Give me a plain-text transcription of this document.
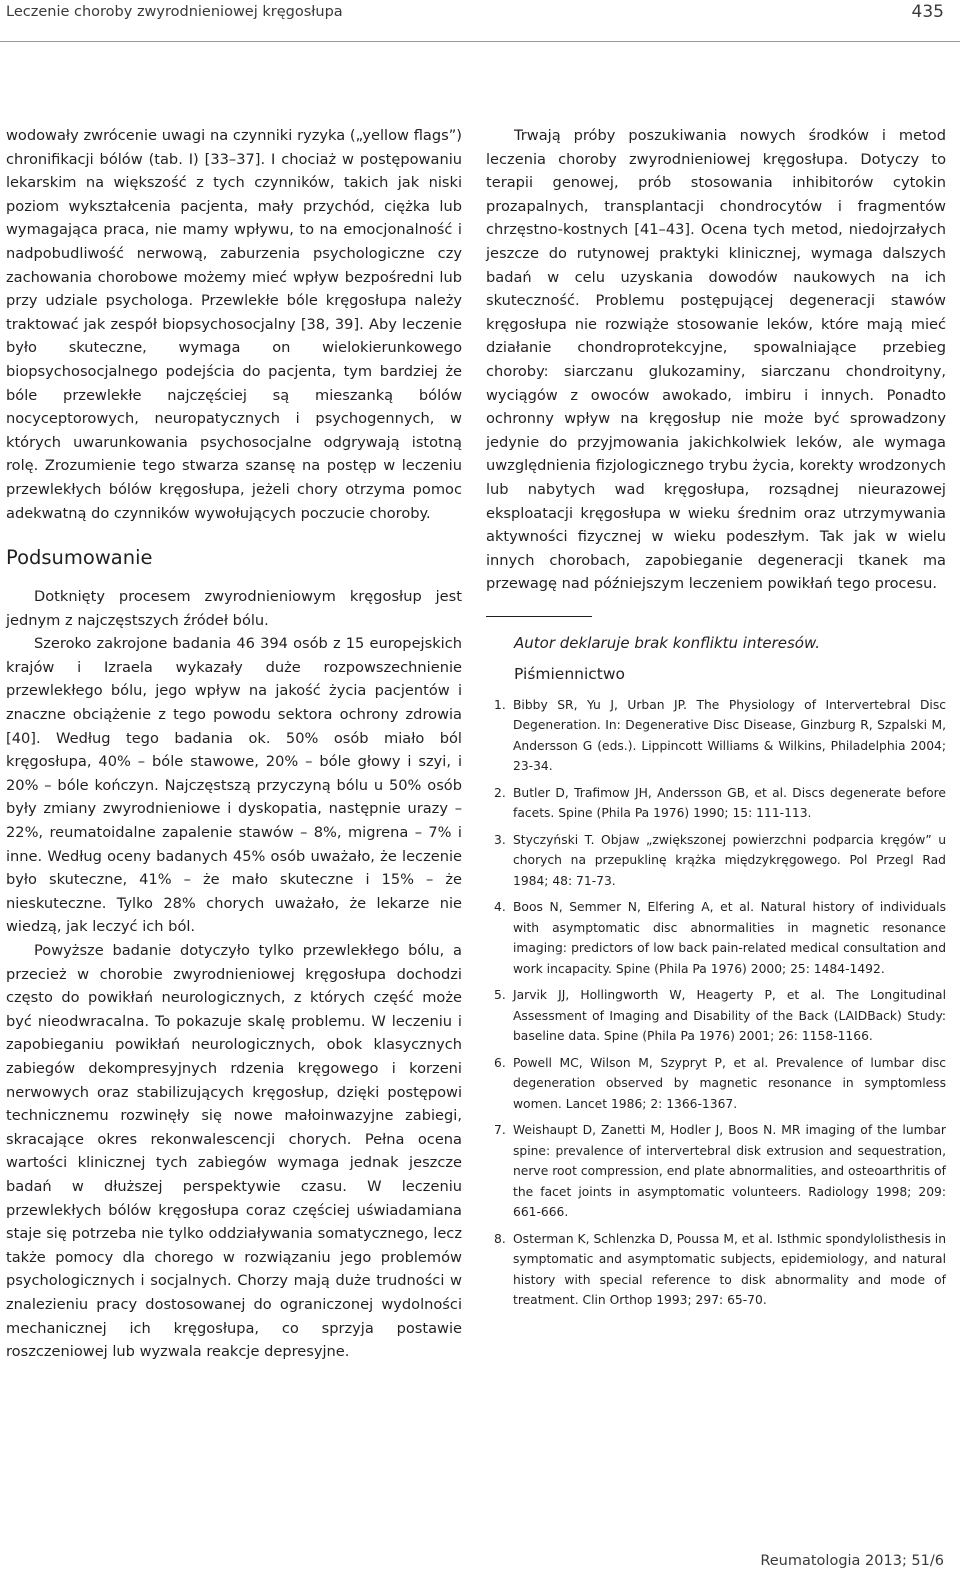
Leczenie choroby zwyrodnieniowej kręgosłupa	435

wodowały zwrócenie uwagi na czynniki ryzyka („yellow flags”) chronifikacji bólów (tab. I) [33–37]. I chociaż w postępowaniu lekarskim na większość z tych czynników, takich jak niski poziom wykształcenia pacjenta, mały przychód, ciężka lub wymagająca praca, nie mamy wpływu, to na emocjonalność i nadpobudliwość nerwową, zaburzenia psychologiczne czy zachowania chorobowe możemy mieć wpływ bezpośredni lub przy udziale psychologa. Przewlekłe bóle kręgosłupa należy traktować jak zespół biopsychosocjalny [38, 39]. Aby leczenie było skuteczne, wymaga on wielokierunkowego biopsychosocjalnego podejścia do pacjenta, tym bardziej że bóle przewlekłe najczęściej są mieszanką bólów nocyceptorowych, neuropatycznych i psychogennych, w których uwarunkowania psychosocjalne odgrywają istotną rolę. Zrozumienie tego stwarza szansę na postęp w leczeniu przewlekłych bólów kręgosłupa, jeżeli chory otrzyma pomoc adekwatną do czynników wywołujących poczucie choroby.

Podsumowanie

Dotknięty procesem zwyrodnieniowym kręgosłup jest jednym z najczęstszych źródeł bólu.

Szeroko zakrojone badania 46 394 osób z 15 europejskich krajów i Izraela wykazały duże rozpowszechnienie przewlekłego bólu, jego wpływ na jakość życia pacjentów i znaczne obciążenie z tego powodu sektora ochrony zdrowia [40]. Według tego badania ok. 50% osób miało ból kręgosłupa, 40% – bóle stawowe, 20% – bóle głowy i szyi, i 20% – bóle kończyn. Najczęstszą przyczyną bólu u 50% osób były zmiany zwyrodnieniowe i dyskopatia, następnie urazy – 22%, reumatoidalne zapalenie stawów – 8%, migrena – 7% i inne. Według oceny badanych 45% osób uważało, że leczenie było skuteczne, 41% – że mało skuteczne i 15% – że nieskuteczne. Tylko 28% chorych uważało, że lekarze nie wiedzą, jak leczyć ich ból.

Powyższe badanie dotyczyło tylko przewlekłego bólu, a przecież w chorobie zwyrodnieniowej kręgosłupa dochodzi często do powikłań neurologicznych, z których część może być nieodwracalna. To pokazuje skalę problemu. W leczeniu i zapobieganiu powikłań neurologicznych, obok klasycznych zabiegów dekompresyjnych rdzenia kręgowego i korzeni nerwowych oraz stabilizujących kręgosłup, dzięki postępowi technicznemu rozwinęły się nowe małoinwazyjne zabiegi, skracające okres rekonwalescencji chorych. Pełna ocena wartości klinicznej tych zabiegów wymaga jednak jeszcze badań w dłuższej perspektywie czasu. W leczeniu przewlekłych bólów kręgosłupa coraz częściej uświadamiana staje się potrzeba nie tylko oddziaływania somatycznego, lecz także pomocy dla chorego w rozwiązaniu jego problemów psychologicznych i socjalnych. Chorzy mają duże trudności w znalezieniu pracy dostosowanej do ograniczonej wydolności mechanicznej ich kręgosłupa, co sprzyja postawie roszczeniowej lub wyzwala reakcje depresyjne.

Trwają próby poszukiwania nowych środków i metod leczenia choroby zwyrodnieniowej kręgosłupa. Dotyczy to terapii genowej, prób stosowania inhibitorów cytokin prozapalnych, transplantacji chondrocytów i fragmentów chrzęstno-kostnych [41–43]. Ocena tych metod, niedojrzałych jeszcze do rutynowej praktyki klinicznej, wymaga dalszych badań w celu uzyskania dowodów naukowych na ich skuteczność. Problemu postępującej degeneracji stawów kręgosłupa nie rozwiąże stosowanie leków, które mają mieć działanie chondroprotekcyjne, spowalniające przebieg choroby: siarczanu glukozaminy, siarczanu chondroityny, wyciągów z owoców awokado, imbiru i innych. Ponadto ochronny wpływ na kręgosłup nie może być sprowadzony jedynie do przyjmowania jakichkolwiek leków, ale wymaga uwzględnienia fizjologicznego trybu życia, korekty wrodzonych lub nabytych wad kręgosłupa, rozsądnej nieurazowej eksploatacji kręgosłupa w wieku średnim oraz utrzymywania aktywności fizycznej w wieku podeszłym. Tak jak w wielu innych chorobach, zapobieganie degeneracji tkanek ma przewagę nad późniejszym leczeniem powikłań tego procesu.

Autor deklaruje brak konfliktu interesów.
Piśmiennictwo
1. Bibby SR, Yu J, Urban JP. The Physiology of Intervertebral Disc Degeneration. In: Degenerative Disc Disease, Ginzburg R, Szpalski M, Andersson G (eds.). Lippincott Williams & Wilkins, Philadelphia 2004; 23-34.
2. Butler D, Trafimow JH, Andersson GB, et al. Discs degenerate before facets. Spine (Phila Pa 1976) 1990; 15: 111-113.
3. Styczyński T. Objaw „zwiększonej powierzchni podparcia kręgów” u chorych na przepuklinę krążka międzykręgowego. Pol Przegl Rad 1984; 48: 71-73.
4. Boos N, Semmer N, Elfering A, et al. Natural history of individuals with asymptomatic disc abnormalities in magnetic resonance imaging: predictors of low back pain-related medical consultation and work incapacity. Spine (Phila Pa 1976) 2000; 25: 1484-1492.
5. Jarvik JJ, Hollingworth W, Heagerty P, et al. The Longitudinal Assessment of Imaging and Disability of the Back (LAIDBack) Study: baseline data. Spine (Phila Pa 1976) 2001; 26: 1158-1166.
6. Powell MC, Wilson M, Szypryt P, et al. Prevalence of lumbar disc degeneration observed by magnetic resonance in symptomless women. Lancet 1986; 2: 1366-1367.
7. Weishaupt D, Zanetti M, Hodler J, Boos N. MR imaging of the lumbar spine: prevalence of intervertebral disk extrusion and sequestration, nerve root compression, end plate abnormalities, and osteoarthritis of the facet joints in asymptomatic volunteers. Radiology 1998; 209: 661-666.
8. Osterman K, Schlenzka D, Poussa M, et al. Isthmic spondylolisthesis in symptomatic and asymptomatic subjects, epidemiology, and natural history with special reference to disk abnormality and mode of treatment. Clin Orthop 1993; 297: 65-70.
Reumatologia 2013; 51/6
